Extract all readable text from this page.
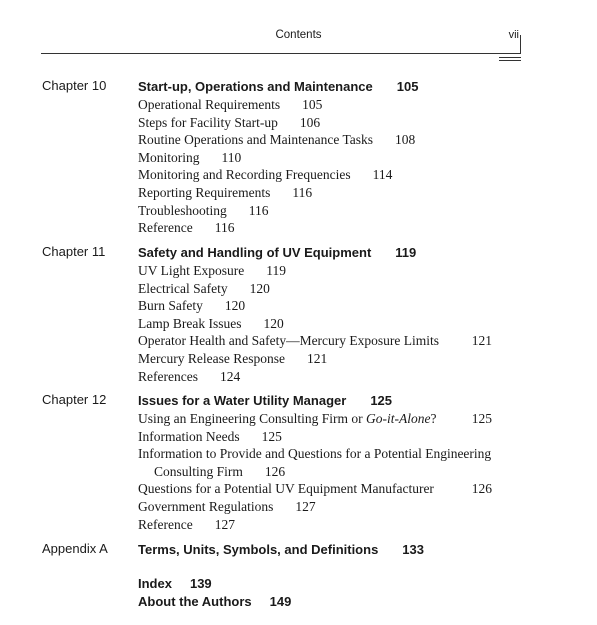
Contents	vii
Chapter 10 Start-up, Operations and Maintenance 105
Operational Requirements 105
Steps for Facility Start-up 106
Routine Operations and Maintenance Tasks 108
Monitoring 110
Monitoring and Recording Frequencies 114
Reporting Requirements 116
Troubleshooting 116
Reference 116
Chapter 11	Safety and Handling of UV Equipment 119
UV Light Exposure 119
Electrical Safety 120
Burn Safety 120
Lamp Break Issues 120
Operator Health and Safety—Mercury Exposure Limits 121
Mercury Release Response 121
References 124
Chapter 12 Issues for a Water Utility Manager 125
Using an Engineering Consulting Firm or Go-it-Alone?	125
Information Needs 125
Information to Provide and Questions for a Potential Engineering
Consulting Firm 126
Questions for a Potential UV Equipment Manufacturer	126
Government Regulations 127
Reference 127
Appendix A Terms, Units, Symbols, and Definitions 133
Index 139
About the Authors 149
